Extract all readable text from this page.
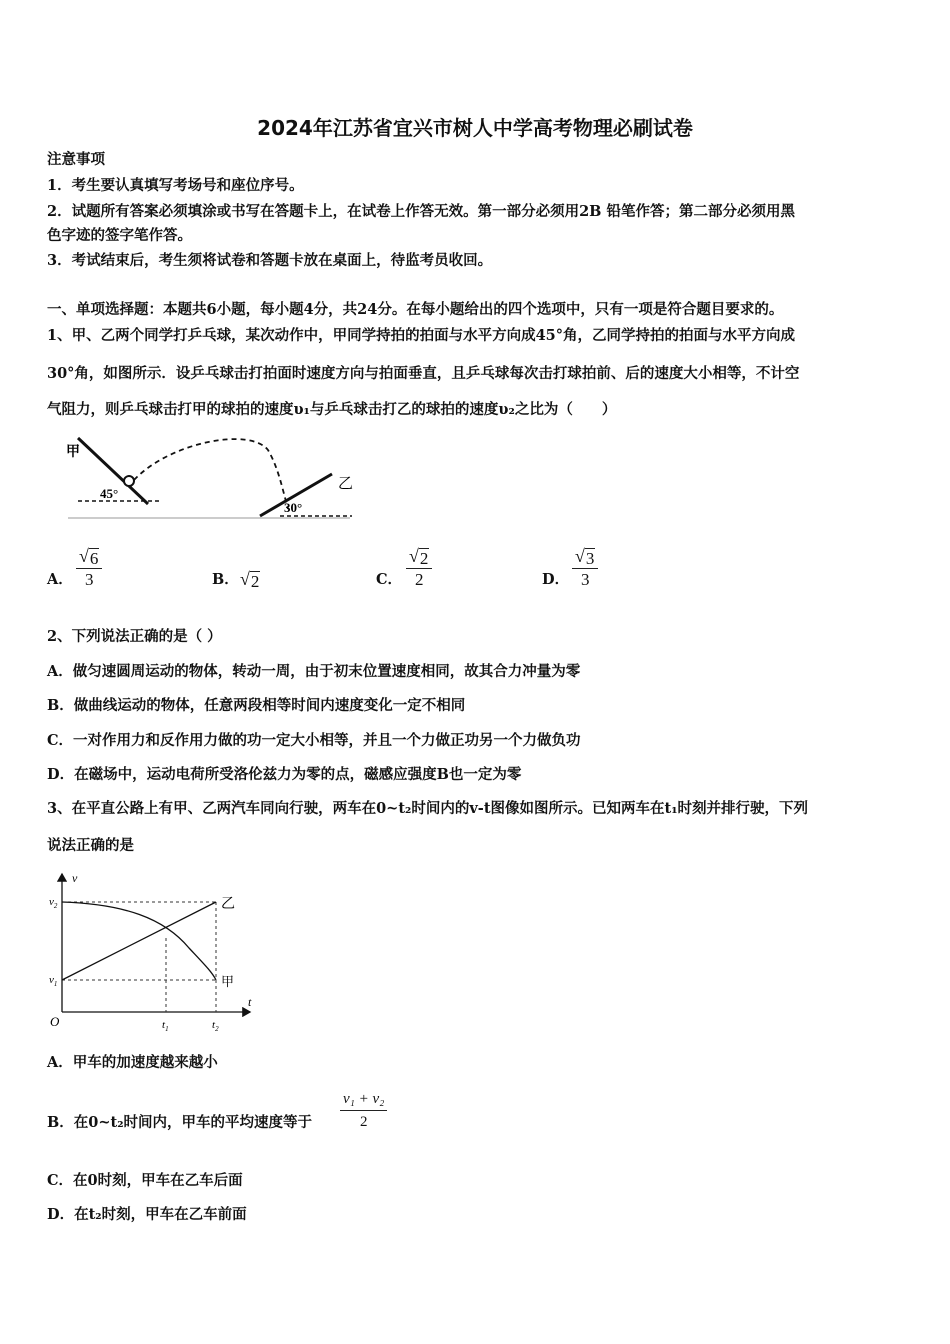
2024年江苏省宜兴市树人中学高考物理必刷试卷
注意事项
1．考生要认真填写考场号和座位序号。
2．试题所有答案必须填涂或书写在答题卡上，在试卷上作答无效。第一部分必须用2B 铅笔作答；第二部分必须用黑
色字迹的签字笔作答。
3．考试结束后，考生须将试卷和答题卡放在桌面上，待监考员收回。
一、单项选择题：本题共6小题，每小题4分，共24分。在每小题给出的四个选项中，只有一项是符合题目要求的。
1、甲、乙两个同学打乒乓球，某次动作中，甲同学持拍的拍面与水平方向成45°角，乙同学持拍的拍面与水平方向成
30°角，如图所示．设乒乓球击打拍面时速度方向与拍面垂直，且乒乓球每次击打球拍前、后的速度大小相等，不计空
气阻力，则乒乓球击打甲的球拍的速度υ₁与乒乓球击打乙的球拍的速度υ₂之比为（　　）
甲
乙
45°
30°
A． $\frac{√ 6}{3}$	B． √ 2	C． $\frac{√ 2}{2}$	D． $\frac{√ 3}{3}$
2、下列说法正确的是（ ）
A．做匀速圆周运动的物体，转动一周，由于初末位置速度相同，故其合力冲量为零
B．做曲线运动的物体，任意两段相等时间内速度变化一定不相同
C．一对作用力和反作用力做的功一定大小相等，并且一个力做正功另一个力做负功
D．在磁场中，运动电荷所受洛伦兹力为零的点，磁感应强度B也一定为零
3、在平直公路上有甲、乙两汽车同向行驶，两车在0~t₂时间内的v-t图像如图所示。已知两车在t₁时刻并排行驶，下列
说法正确的是
v
t
O
$v_2$
$v_1$
$t_1$	$t_2$
乙
甲
A．甲车的加速度越来越小
B．在0~t₂时间内，甲车的平均速度等于 $\frac{\text{v₁ + v₂}}{2}$
C．在0时刻，甲车在乙车后面
D．在t₂时刻，甲车在乙车前面
